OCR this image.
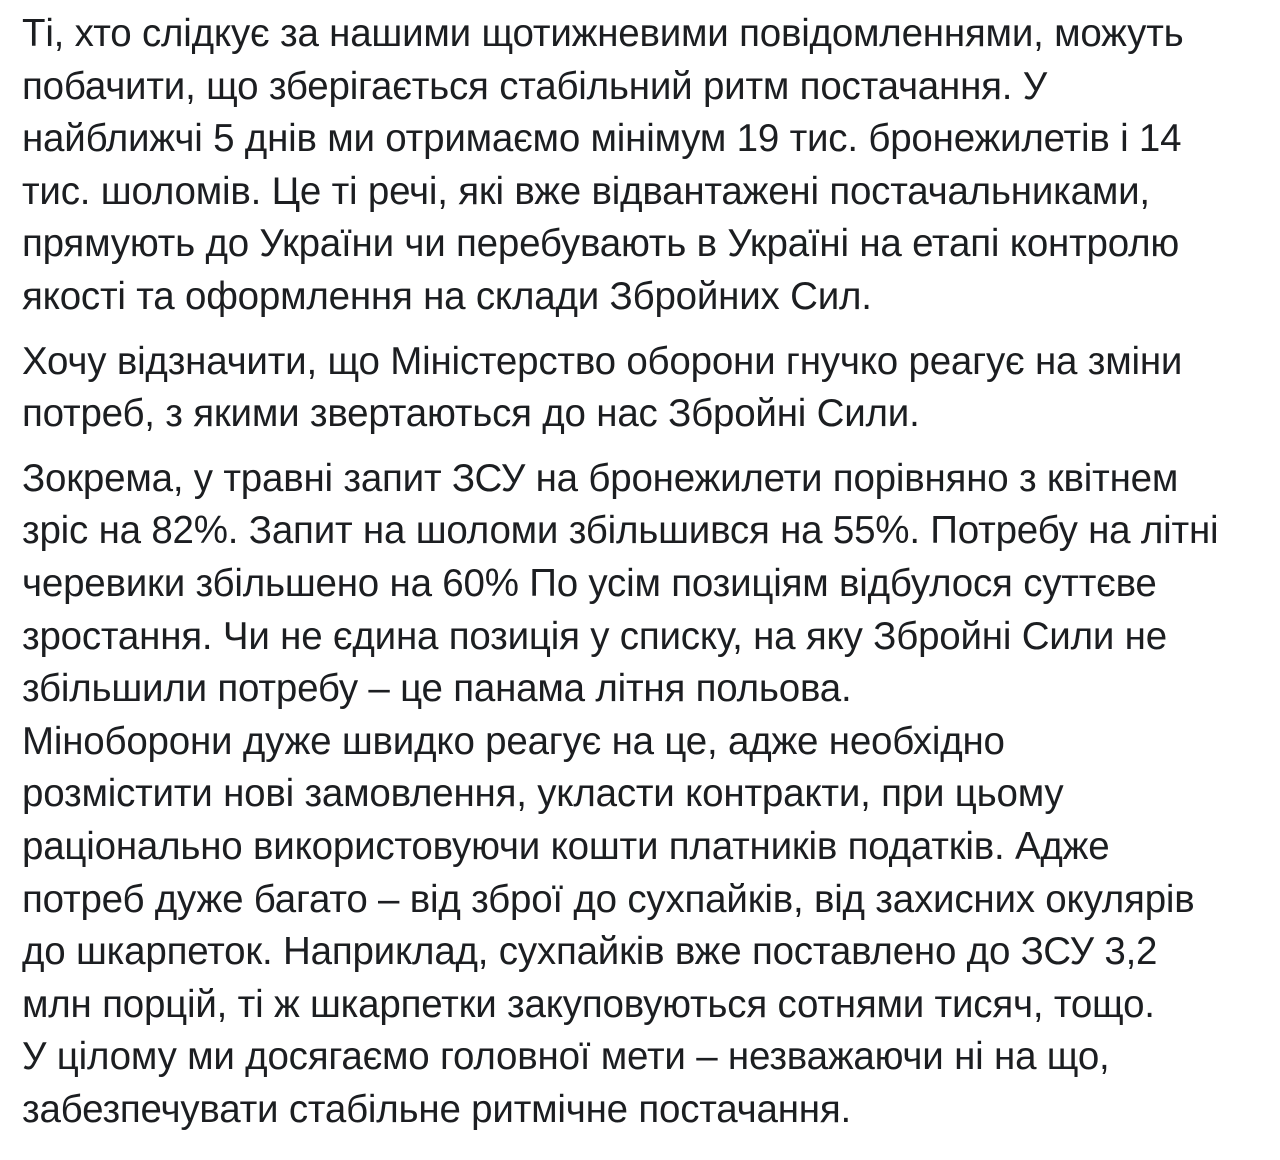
Ті, хто слідкує за нашими щотижневими повідомленнями, можуть
побачити, що зберігається стабільний ритм постачання. У
найближчі 5 днів ми отримаємо мінімум 19 тис. бронежилетів і 14
тис. шоломів. Це ті речі, які вже відвантажені постачальниками,
прямують до України чи перебувають в Україні на етапі контролю
якості та оформлення на склади Збройних Сил.

Хочу відзначити, що Міністерство оборони гнучко реагує на зміни
потреб, з якими звертаються до нас Збройні Сили.

Зокрема, у травні запит ЗСУ на бронежилети порівняно з квітнем
зріс на 82%. Запит на шоломи збільшився на 55%. Потребу на літні
черевики збільшено на 60% По усім позиціям відбулося суттєве
зростання. Чи не єдина позиція у списку, на яку Збройні Сили не
збільшили потребу – це панама літня польова.
Міноборони дуже швидко реагує на це, адже необхідно
розмістити нові замовлення, укласти контракти, при цьому
раціонально використовуючи кошти платників податків. Адже
потреб дуже багато – від зброї до сухпайків, від захисних окулярів
до шкарпеток. Наприклад, сухпайків вже поставлено до ЗСУ 3,2
млн порцій, ті ж шкарпетки закуповуються сотнями тисяч, тощо.
У цілому ми досягаємо головної мети – незважаючи ні на що,
забезпечувати стабільне ритмічне постачання.
